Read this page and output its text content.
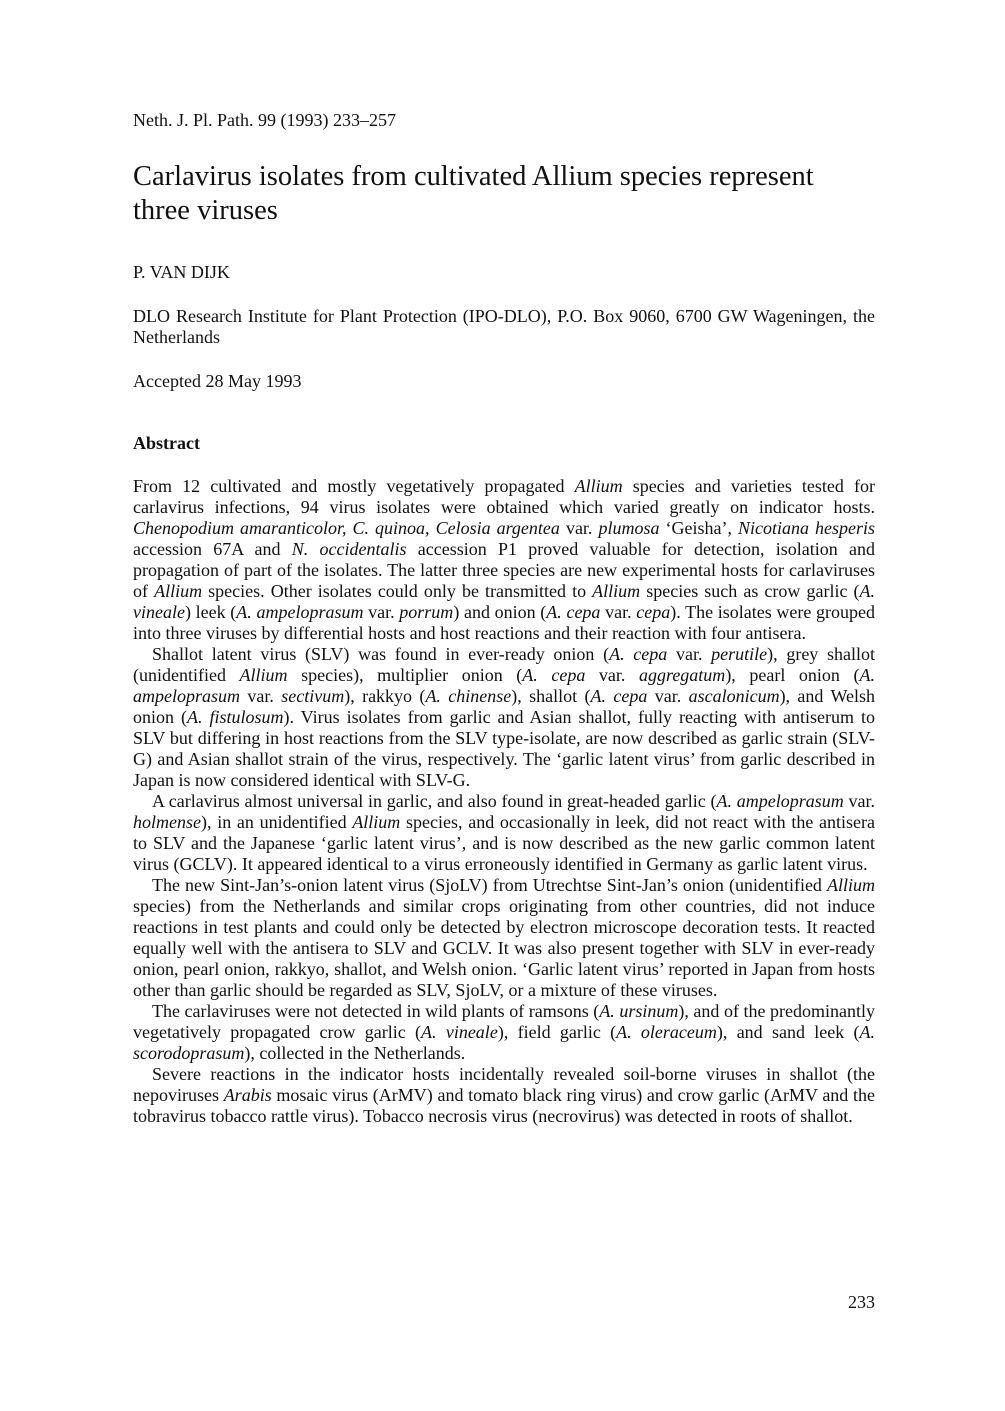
Neth. J. Pl. Path. 99 (1993) 233–257
Carlavirus isolates from cultivated Allium species represent three viruses
P. VAN DIJK
DLO Research Institute for Plant Protection (IPO-DLO), P.O. Box 9060, 6700 GW Wageningen, the Netherlands
Accepted 28 May 1993
Abstract

From 12 cultivated and mostly vegetatively propagated Allium species and varieties tested for carlavirus infections, 94 virus isolates were obtained which varied greatly on indicator hosts. Chenopodium amaranticolor, C. quinoa, Celosia argentea var. plumosa ‘Geisha’, Nicotiana hesperis accession 67A and N. occidentalis accession P1 proved valuable for detection, isolation and propagation of part of the isolates. The latter three species are new experimental hosts for carlaviruses of Allium species. Other isolates could only be transmitted to Allium species such as crow garlic (A. vineale) leek (A. ampeloprasum var. porrum) and onion (A. cepa var. cepa). The isolates were grouped into three viruses by differential hosts and host reactions and their reaction with four antisera.

Shallot latent virus (SLV) was found in ever-ready onion (A. cepa var. perutile), grey shallot (unidentified Allium species), multiplier onion (A. cepa var. aggregatum), pearl onion (A. ampeloprasum var. sectivum), rakkyo (A. chinense), shallot (A. cepa var. ascalonicum), and Welsh onion (A. fistulosum). Virus isolates from garlic and Asian shallot, fully reacting with antiserum to SLV but differing in host reactions from the SLV type-isolate, are now described as garlic strain (SLV-G) and Asian shallot strain of the virus, respectively. The ‘garlic latent virus’ from garlic described in Japan is now considered identical with SLV-G.

A carlavirus almost universal in garlic, and also found in great-headed garlic (A. ampeloprasum var. holmense), in an unidentified Allium species, and occasionally in leek, did not react with the antisera to SLV and the Japanese ‘garlic latent virus’, and is now described as the new garlic common latent virus (GCLV). It appeared identical to a virus erroneously identified in Germany as garlic latent virus.

The new Sint-Jan’s-onion latent virus (SjoLV) from Utrechtse Sint-Jan’s onion (unidentified Allium species) from the Netherlands and similar crops originating from other countries, did not induce reactions in test plants and could only be detected by electron microscope decoration tests. It reacted equally well with the antisera to SLV and GCLV. It was also present together with SLV in ever-ready onion, pearl onion, rakkyo, shallot, and Welsh onion. ‘Garlic latent virus’ reported in Japan from hosts other than garlic should be regarded as SLV, SjoLV, or a mixture of these viruses.

The carlaviruses were not detected in wild plants of ramsons (A. ursinum), and of the predominantly vegetatively propagated crow garlic (A. vineale), field garlic (A. oleraceum), and sand leek (A. scorodoprasum), collected in the Netherlands.

Severe reactions in the indicator hosts incidentally revealed soil-borne viruses in shallot (the nepoviruses Arabis mosaic virus (ArMV) and tomato black ring virus) and crow garlic (ArMV and the tobravirus tobacco rattle virus). Tobacco necrosis virus (necrovirus) was detected in roots of shallot.

233
